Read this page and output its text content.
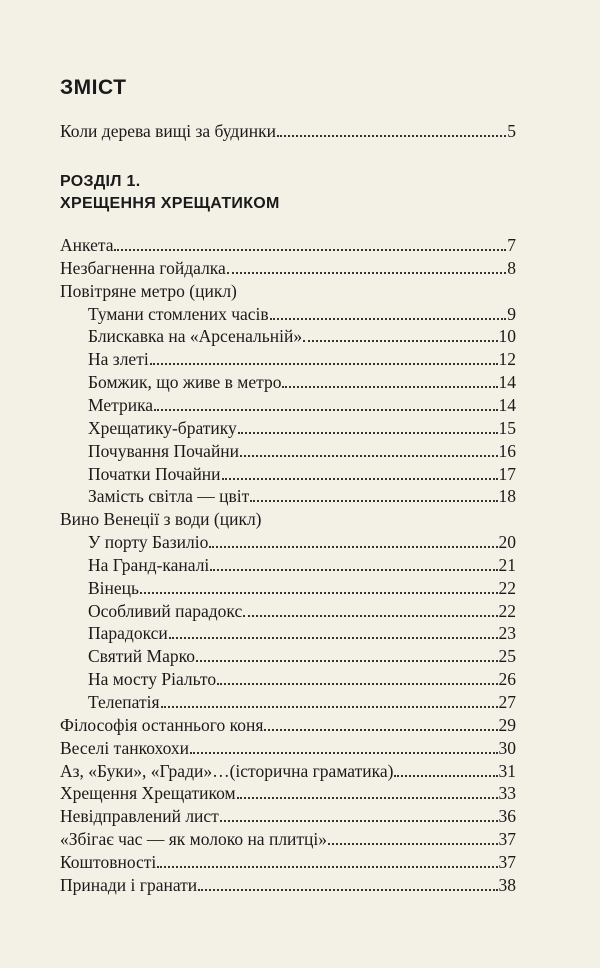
ЗМІСТ
Коли дерева вищі за будинки	5
РОЗДІЛ 1.
ХРЕЩЕННЯ ХРЕЩАТИКОМ
Анкета	7
Незбагненна гойдалка	8
Повітряне метро (цикл)
Тумани стомлених часів	9
Блискавка на «Арсенальній»	10
На злеті	12
Бомжик, що живе в метро	14
Метрика	14
Хрещатику-братику	15
Почування Почайни	16
Початки Почайни	17
Замість світла — цвіт	18
Вино Венеції з води (цикл)
У порту Базиліо	20
На Гранд-каналі	21
Вінець	22
Особливий парадокс	22
Парадокси	23
Святий Марко	25
На мосту Ріальто	26
Телепатія	27
Філософія останнього коня	29
Веселі танкохохи	30
Аз, «Буки», «Гради»…(історична граматика)	31
Хрещення Хрещатиком	33
Невідправлений лист	36
«Збігає час — як молоко на плитці»	37
Коштовності	37
Принади і гранати	38
